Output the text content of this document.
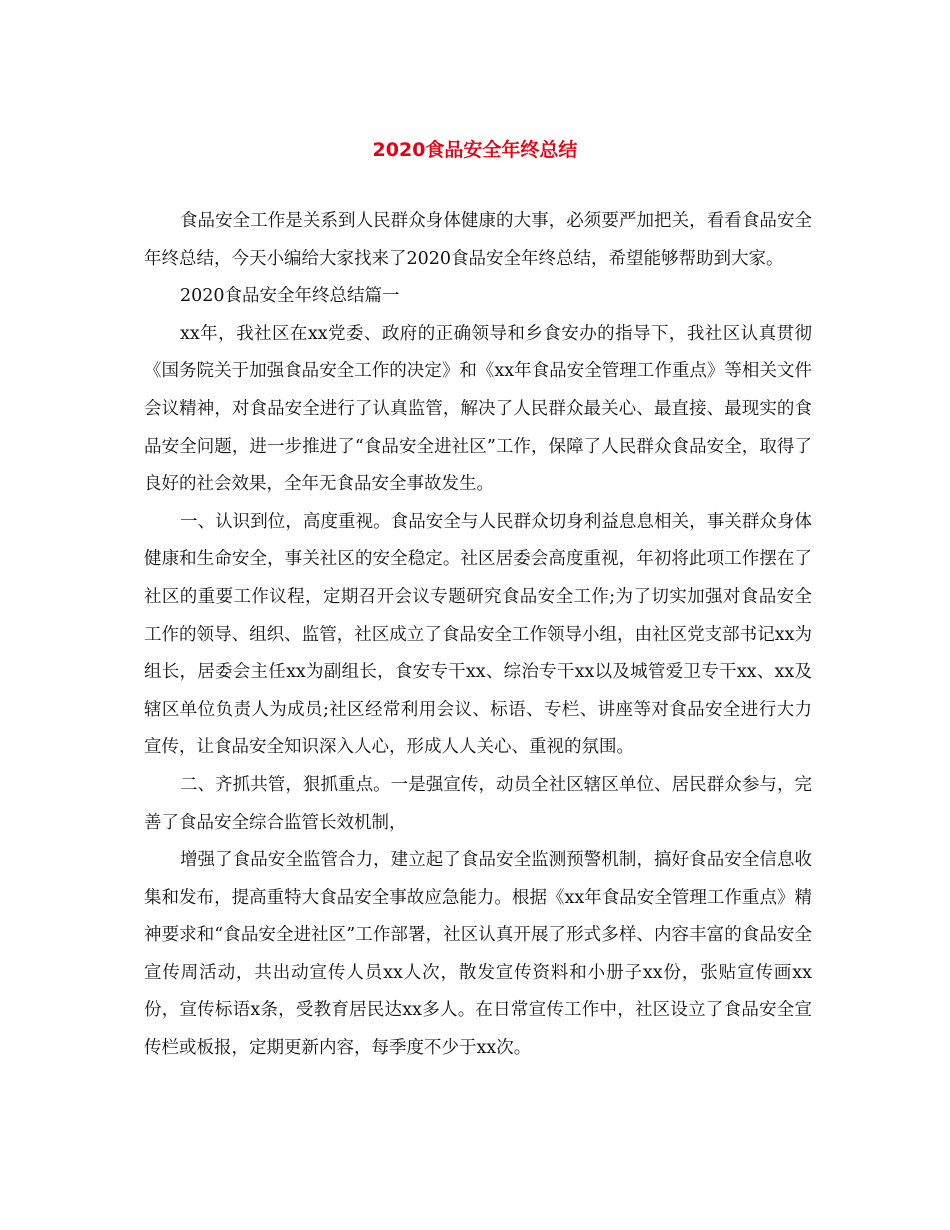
2020食品安全年终总结

食品安全工作是关系到人民群众身体健康的大事，必须要严加把关，看看食品安全年终总结，今天小编给大家找来了2020食品安全年终总结，希望能够帮助到大家。

2020食品安全年终总结篇一

xx年，我社区在xx党委、政府的正确领导和乡食安办的指导下，我社区认真贯彻《国务院关于加强食品安全工作的决定》和《xx年食品安全管理工作重点》等相关文件会议精神，对食品安全进行了认真监管，解决了人民群众最关心、最直接、最现实的食品安全问题，进一步推进了“食品安全进社区”工作，保障了人民群众食品安全，取得了良好的社会效果，全年无食品安全事故发生。

一、认识到位，高度重视。食品安全与人民群众切身利益息息相关，事关群众身体健康和生命安全，事关社区的安全稳定。社区居委会高度重视，年初将此项工作摆在了社区的重要工作议程，定期召开会议专题研究食品安全工作;为了切实加强对食品安全工作的领导、组织、监管，社区成立了食品安全工作领导小组，由社区党支部书记xx为组长，居委会主任xx为副组长，食安专干xx、综治专干xx以及城管爱卫专干xx、xx及辖区单位负责人为成员;社区经常利用会议、标语、专栏、讲座等对食品安全进行大力宣传，让食品安全知识深入人心，形成人人关心、重视的氛围。

二、齐抓共管，狠抓重点。一是强宣传，动员全社区辖区单位、居民群众参与，完善了食品安全综合监管长效机制，

增强了食品安全监管合力，建立起了食品安全监测预警机制，搞好食品安全信息收集和发布，提高重特大食品安全事故应急能力。根据《xx年食品安全管理工作重点》精神要求和“食品安全进社区”工作部署，社区认真开展了形式多样、内容丰富的食品安全宣传周活动，共出动宣传人员xx人次，散发宣传资料和小册子xx份，张贴宣传画xx份，宣传标语x条，受教育居民达xx多人。在日常宣传工作中，社区设立了食品安全宣传栏或板报，定期更新内容，每季度不少于xx次。
